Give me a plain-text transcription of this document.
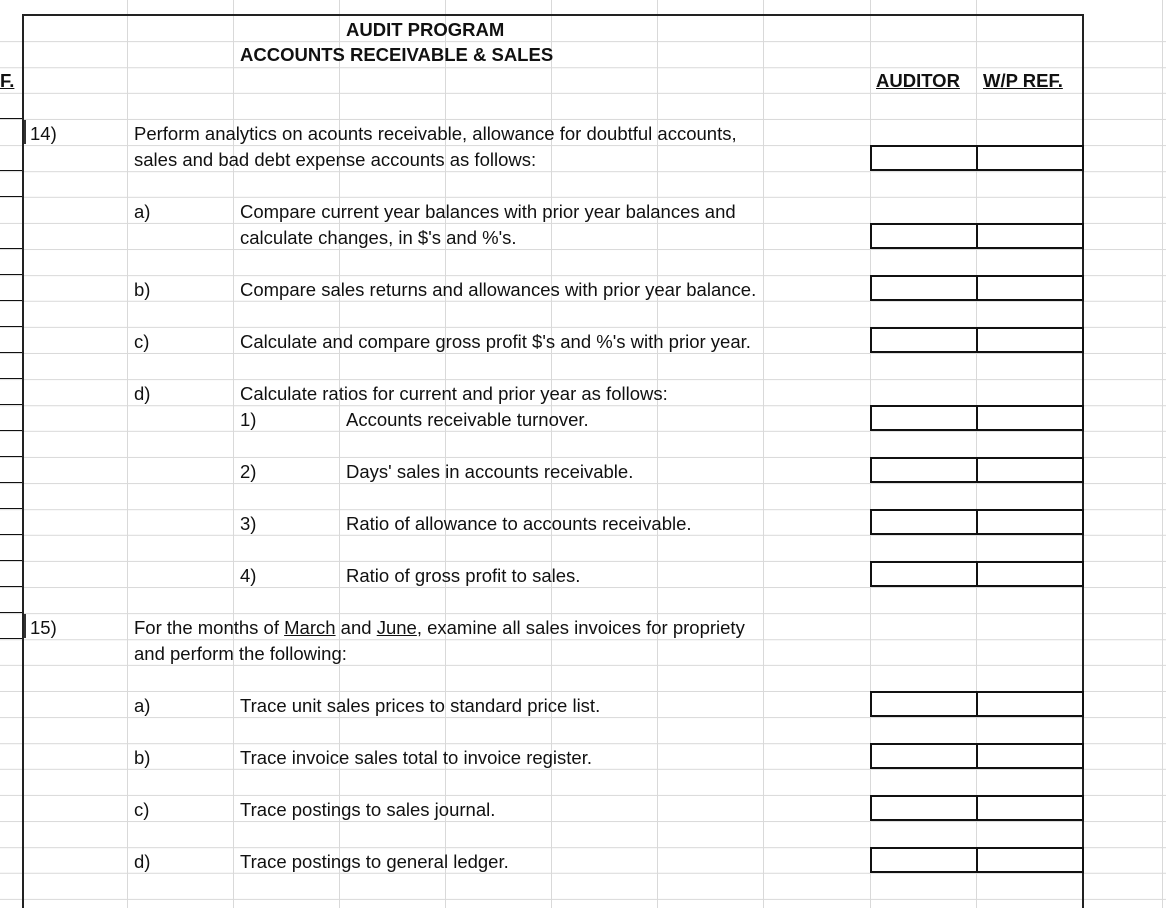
AUDIT PROGRAM
ACCOUNTS RECEIVABLE & SALES
F.	AUDITOR W/P REF.
14)	Perform analytics on acounts receivable, allowance for doubtful accounts,
sales and bad debt expense accounts as follows:
a)	Compare current year balances with prior year balances and
calculate changes, in $'s and %'s.
b)	Compare sales returns and allowances with prior year balance.
c)	Calculate and compare gross profit $'s and %'s with prior year.
d)	Calculate ratios for current and prior year as follows:
1)	Accounts receivable turnover.
2)	Days' sales in accounts receivable.
3)	Ratio of allowance to accounts receivable.
4)	Ratio of gross profit to sales.
15)	For the months of March and June, examine all sales invoices for propriety
and perform the following:
a)	Trace unit sales prices to standard price list.
b)	Trace invoice sales total to invoice register.
c)	Trace postings to sales journal.
d)	Trace postings to general ledger.
